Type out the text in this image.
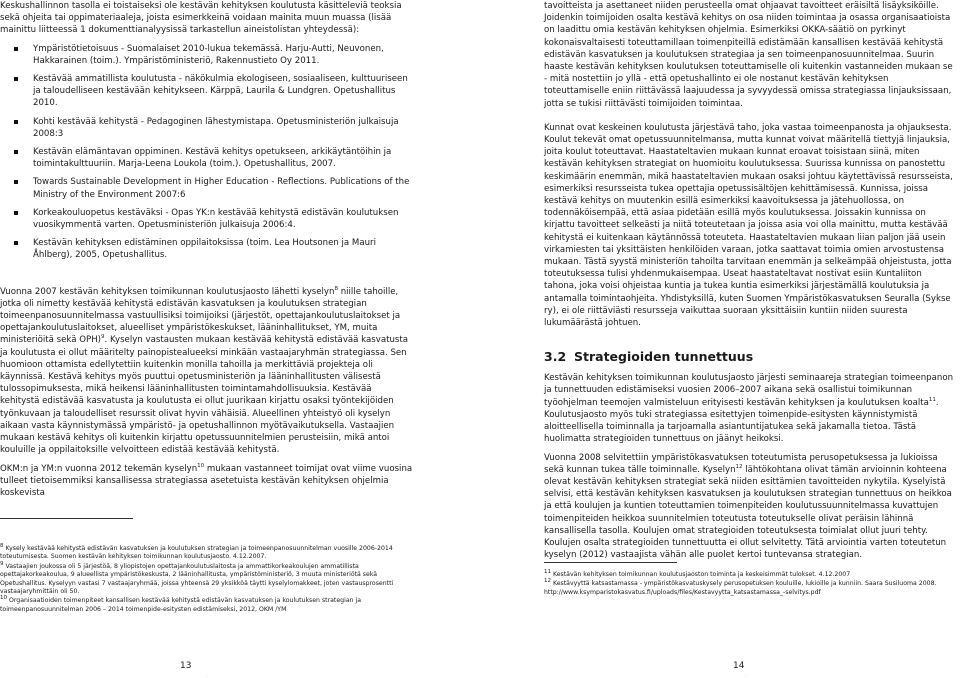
Keskushallinnon tasolla ei toistaiseksi ole kestävän kehityksen koulutusta käsitteleviä teoksia sekä ohjeita tai oppimateriaaleja, joista esimerkkeinä voidaan mainita muun muassa (lisää mainittu liitteessä 1 dokumenttianalyysissä tarkastellun aineistolistan yhteydessä):

Ympäristötietoisuus - Suomalaiset 2010-lukua tekemässä. Harju-Autti, Neuvonen, Hakkarainen (toim.). Ympäristöministeriö, Rakennustieto Oy 2011.
Kestävää ammatillista koulutusta - näkökulmia ekologiseen, sosiaaliseen, kulttuuriseen ja taloudelliseen kestävään kehitykseen. Kärppä, Laurila & Lundgren. Opetushallitus 2010.
Kohti kestävää kehitystä - Pedagoginen lähestymistapa. Opetusministeriön julkaisuja 2008:3
Kestävän elämäntavan oppiminen. Kestävä kehitys opetukseen, arkikäytäntöihin ja toimintakulttuuriin. Marja-Leena Loukola (toim.). Opetushallitus, 2007.
Towards Sustainable Development in Higher Education - Reflections. Publications of the Ministry of the Environment 2007:6
Korkeakouluopetus kestäväksi - Opas YK:n kestävää kehitystä edistävän koulutuksen vuosikymmentä varten. Opetusministeriön julkaisuja 2006:4.
Kestävän kehityksen edistäminen oppilaitoksissa (toim. Lea Houtsonen ja Mauri Åhlberg), 2005, Opetushallitus.

Vuonna 2007 kestävän kehityksen toimikunnan koulutusjaosto lähetti kyselyn$^8$ niille tahoille, jotka oli nimetty kestävää kehitystä edistävän kasvatuksen ja koulutuksen strategian toimeenpanosuunnitelmassa vastuullisiksi toimijoiksi (järjestöt, opettajankoulutuslaitokset ja opettajankoulutuslaitokset, alueelliset ympäristökeskukset, lääninhallitukset, YM, muita ministeriöitä sekä OPH)$^9$. Kyselyn vastausten mukaan kestävää kehitystä edistävää kasvatusta ja koulutusta ei ollut määritelty painopistealueeksi minkään vastaajaryhmän strategiassa. Sen huomioon ottamista edellytettiin kuitenkin monilla tahoilla ja merkittäviä projekteja oli käynnissä. Kestävä kehitys myös puuttui opetusministeriön ja lääninhallitusten välisestä tulossopimuksesta, mikä heikensi lääninhallitusten toimintamahdollisuuksia. Kestävää kehitystä edistävää kasvatusta ja koulutusta ei ollut juurikaan kirjattu osaksi työntekijöiden työnkuvaan ja taloudelliset resurssit olivat hyvin vähäisiä. Alueellinen yhteistyö oli kyselyn aikaan vasta käynnistymässä ympäristö- ja opetushallinnon myötävaikutuksella. Vastaajien mukaan kestävä kehitys oli kuitenkin kirjattu opetussuunnitelmien perusteisiin, mikä antoi kouluille ja oppilaitoksille velvoitteen edistää kestävää kehitystä.

OKM:n ja YM:n vuonna 2012 tekemän kyselyn$^{10}$ mukaan vastanneet toimijat ovat viime vuosina tulleet tietoisemmiksi kansallisessa strategiassa asetetuista kestävän kehityksen ohjelmia koskevista

$^8$ Kysely kestävää kehitystä edistävän kasvatuksen ja koulutuksen strategian ja toimeenpanosuunnitelman vuosille 2006-2014 toteutumisesta. Suomen kestävän kehityksen toimikunnan koulutusjaosto. 4.12.2007.

$^9$ Vastaajien joukossa oli 5 järjestöä, 8 yliopistojen opettajankoulutuslaitosta ja ammattikorkeakoulujen ammatillista opettajakorkeakoulua, 9 alueellista ympäristökeskusta, 2 lääninhallitusta, ympäristöministeriö, 3 muuta ministeriötä sekä Opetushallitus. Kyselyyn vastasi 7 vastaajaryhmää, joissa yhteensä 29 yksikköä täytti kyselylomakkeet, joten vastausprosentti vastaajaryhmittäin oli 50.

$^{10}$ Organisaatioiden toimenpiteet kansallisen kestävää kehitystä edistävän kasvatuksen ja koulutuksen strategian ja toimeenpanosuunnitelman 2006 – 2014 toimenpide-esitysten edistämiseksi, 2012, OKM /YM

13
.

tavoitteista ja asettaneet niiden perusteella omat ohjaavat tavoitteet eräisiltä lisäyksiköille. Joidenkin toimijoiden osalta kestävä kehitys on osa niiden toimintaa ja osassa organisaatioista on laadittu omia kestävän kehityksen ohjelmia. Esimerkiksi OKKA-säätiö on pyrkinyt kokonaisvaltaisesti toteuttamillaan toimenpiteillä edistämään kansallisen kestävää kehitystä edistävän kasvatuksen ja koulutuksen strategiaa ja sen toimeenpanosuunnitelmaa. Suurin haaste kestävän kehityksen koulutuksen toteuttamiselle oli kuitenkin vastanneiden mukaan se - mitä nostettiin jo yllä - että opetushallinto ei ole nostanut kestävän kehityksen toteuttamiselle eniin riittävässä laajuudessa ja syvyydessä omissa strategiassa linjauksissaan, jotta se tukisi riittävästi toimijoiden toimintaa.

Kunnat ovat keskeinen koulutusta järjestävä taho, joka vastaa toimeenpanosta ja ohjauksesta. Koulut tekevät omat opetussuunnitelmansa, mutta kunnat voivat määritellä tiettyjä linjauksia, joita koulut toteuttavat. Haastateltavien mukaan kunnat eroavat toisistaan siinä, miten kestävän kehityksen strategiat on huomioitu koulutuksessa. Suurissa kunnissa on panostettu keskimäärin enemmän, mikä haastateltavien mukaan osaksi johtuu käytettävissä resursseista, esimerkiksi resursseista tukea opettajia opetussisältöjen kehittämisessä. Kunnissa, joissa kestävä kehitys on muutenkin esillä esimerkiksi kaavoituksessa ja jätehuollossa, on todennäköisempää, että asiaa pidetään esillä myös koulutuksessa. Joissakin kunnissa on kirjattu tavoitteet selkeästi ja niitä toteutetaan ja joissa asia voi olla mainittu, mutta kestävää kehitystä ei kuitenkaan käytännössä toteuteta. Haastateltavien mukaan liian paljon jää usein virkamiesten tai yksittäisten henkilöiden varaan, jotka saattavat toimia omien arvostustensa mukaan. Tästä syystä ministeriön tahoilta tarvitaan enemmän ja selkeämpää ohjeistusta, jotta toteutuksessa tulisi yhdenmukaisempaa. Useat haastateltavat nostivat esiin Kuntaliiton tahona, joka voisi ohjeistaa kuntia ja tukea kuntia esimerkiksi järjestämällä koulutuksia ja antamalla toimintaohjeita. Yhdistyksillä, kuten Suomen Ympäristökasvatuksen Seuralla (Sykse ry), ei ole riittäviästi resursseja vaikuttaa suoraan yksittäisiin kuntiin niiden suuresta lukumäärästä johtuen.

3.2 Strategioiden tunnettuus

Kestävän kehityksen toimikunnan koulutusjaosto järjesti seminaareja strategian toimeenpanon ja tunnettuuden edistämiseksi vuosien 2006–2007 aikana sekä osallistui toimikunnan työohjelman teemojen valmisteluun erityisesti kestävän kehityksen ja koulutuksen koalta$^{11}$. Koulutusjaosto myös tuki strategiassa esitettyjen toimenpide-esitysten käynnistymistä aloitteellisella toiminnalla ja tarjoamalla asiantuntijatukea sekä jakamalla tietoa. Tästä huolimatta strategioiden tunnettuus on jäänyt heikoksi.

Vuonna 2008 selvitettiin ympäristökasvatuksen toteutumista perusopetuksessa ja lukioissa sekä kunnan tukea tälle toiminnalle. Kyselyn$^{12}$ lähtökohtana olivat tämän arvioinnin kohteena olevat kestävän kehityksen strategiat sekä niiden esittämien tavoitteiden nykytila. Kyselyistä selvisi, että kestävän kehityksen kasvatuksen ja koulutuksen strategian tunnettuus on heikkoa ja että koulujen ja kuntien toteuttamien toimenpiteiden koulutussuunnitelmassa kuvattujen toimenpiteiden heikkoa suunnitelmien toteutusta toteutukselle olivat peräisin lähinnä kansallisella tasolla. Koulujen omat strategioiden toteutuksesta toimialat ollut juuri tehty. Koulujen osalta strategioiden tunnettuutta ei ollut selvitetty. Tätä arviointia varten toteutetun kyselyn (2012) vastaajista vähän alle puolet kertoi tuntevansa strategian.

$^{11}$ Kestävän kehityksen toimikunnan koulutusjaoston toiminta ja keskeisimmät tulokset. 4.12.2007

$^{12}$ Kestävyyttä katsastamassa - ympäristökasvatuskysely perusopetuksen kouluille, lukioille ja kunniin. Saara Susiluoma 2008. http://www.ksymparistokasvatus.fi/uploads/files/Kestavyytta_katsastamassa_-selvitys.pdf

14
.
